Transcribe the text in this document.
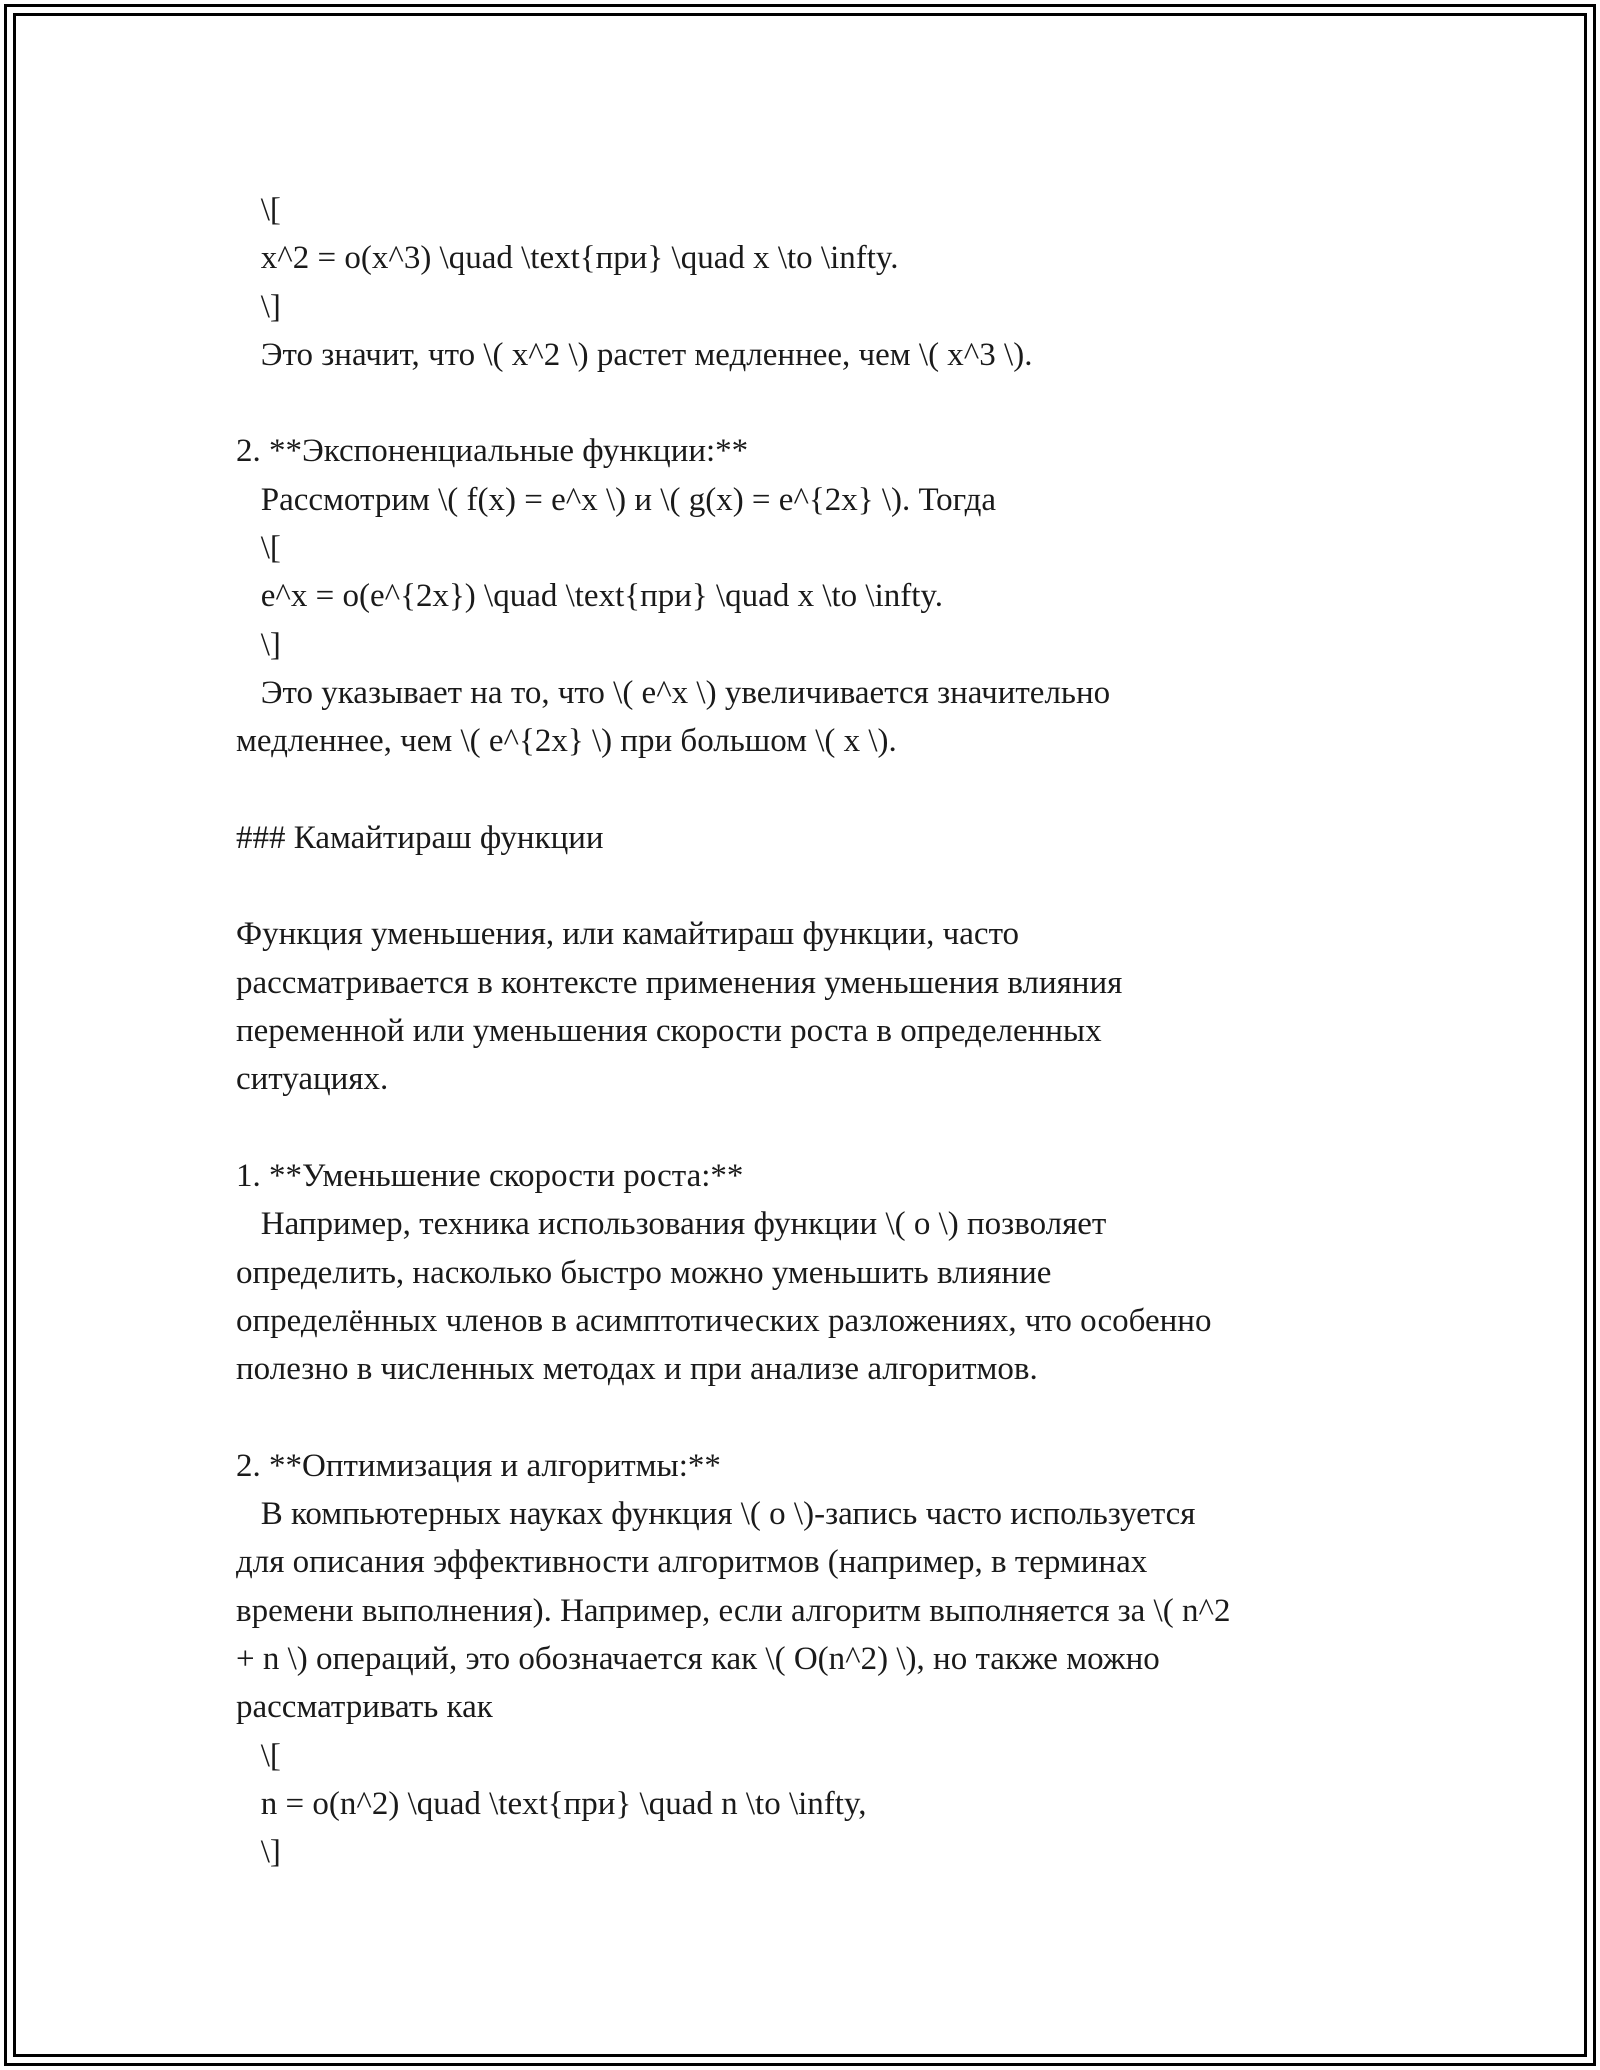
\[
x^2 = o(x^3) \quad \text{при} \quad x \to \infty.
\]
Это значит, что \( x^2 \) растет медленнее, чем \( x^3 \).
2. **Экспоненциальные функции:**
Рассмотрим \( f(x) = e^x \) и \( g(x) = e^{2x} \). Тогда
\[
e^x = o(e^{2x}) \quad \text{при} \quad x \to \infty.
\]
Это указывает на то, что \( e^x \) увеличивается значительно
медленнее, чем \( e^{2x} \) при большом \( x \).
### Камайтираш функции
Функция уменьшения, или камайтираш функции, часто
рассматривается в контексте применения уменьшения влияния
переменной или уменьшения скорости роста в определенных
ситуациях.
1. **Уменьшение скорости роста:**
Например, техника использования функции \( o \) позволяет
определить, насколько быстро можно уменьшить влияние
определённых членов в асимптотических разложениях, что особенно
полезно в численных методах и при анализе алгоритмов.
2. **Оптимизация и алгоритмы:**
В компьютерных науках функция \( o \)-запись часто используется
для описания эффективности алгоритмов (например, в терминах
времени выполнения). Например, если алгоритм выполняется за \( n^2
+ n \) операций, это обозначается как \( O(n^2) \), но также можно
рассматривать как
\[
n = o(n^2) \quad \text{при} \quad n \to \infty,
\]
